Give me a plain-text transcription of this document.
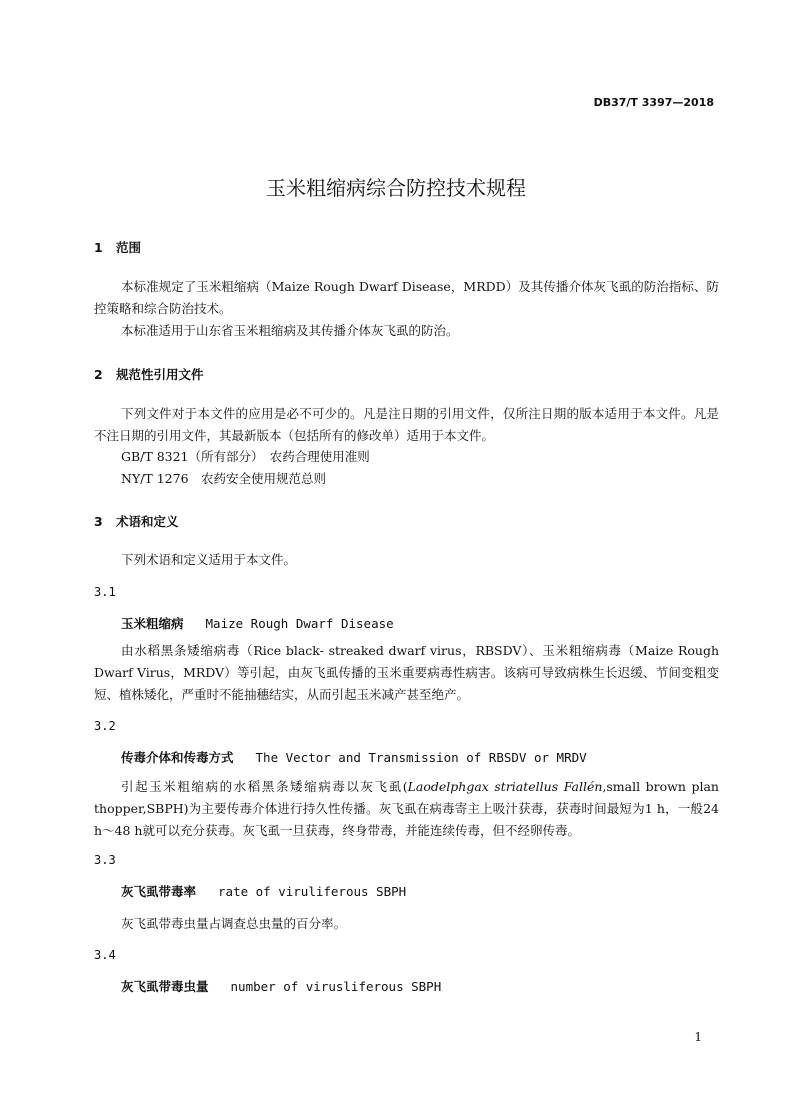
DB37/T 3397—2018
玉米粗缩病综合防控技术规程
1 范围
本标准规定了玉米粗缩病（Maize Rough Dwarf Disease，MRDD）及其传播介体灰飞虱的防治指标、防控策略和综合防治技术。
本标准适用于山东省玉米粗缩病及其传播介体灰飞虱的防治。
2 规范性引用文件
下列文件对于本文件的应用是必不可少的。凡是注日期的引用文件，仅所注日期的版本适用于本文件。凡是不注日期的引用文件，其最新版本（包括所有的修改单）适用于本文件。
GB/T 8321（所有部分）　农药合理使用准则
NY/T 1276　农药安全使用规范总则
3 术语和定义
下列术语和定义适用于本文件。
3.1
玉米粗缩病 Maize Rough Dwarf Disease
由水稻黑条矮缩病毒（Rice black- streaked dwarf virus，RBSDV）、玉米粗缩病毒（Maize Rough Dwarf Virus，MRDV）等引起，由灰飞虱传播的玉米重要病毒性病害。该病可导致病株生长迟缓、节间变粗变短、植株矮化，严重时不能抽穗结实，从而引起玉米减产甚至绝产。
3.2
传毒介体和传毒方式 The Vector and Transmission of RBSDV or MRDV
引起玉米粗缩病的水稻黑条矮缩病毒以灰飞虱(Laodelphgax striatellus Fallén,small brown plan thopper,SBPH)为主要传毒介体进行持久性传播。灰飞虱在病毒寄主上吸汁获毒，获毒时间最短为1 h，一般24 h～48 h就可以充分获毒。灰飞虱一旦获毒，终身带毒，并能连续传毒，但不经卵传毒。
3.3
灰飞虱带毒率 rate of viruliferous SBPH
灰飞虱带毒虫量占调查总虫量的百分率。
3.4
灰飞虱带毒虫量 number of virusliferous SBPH
1
